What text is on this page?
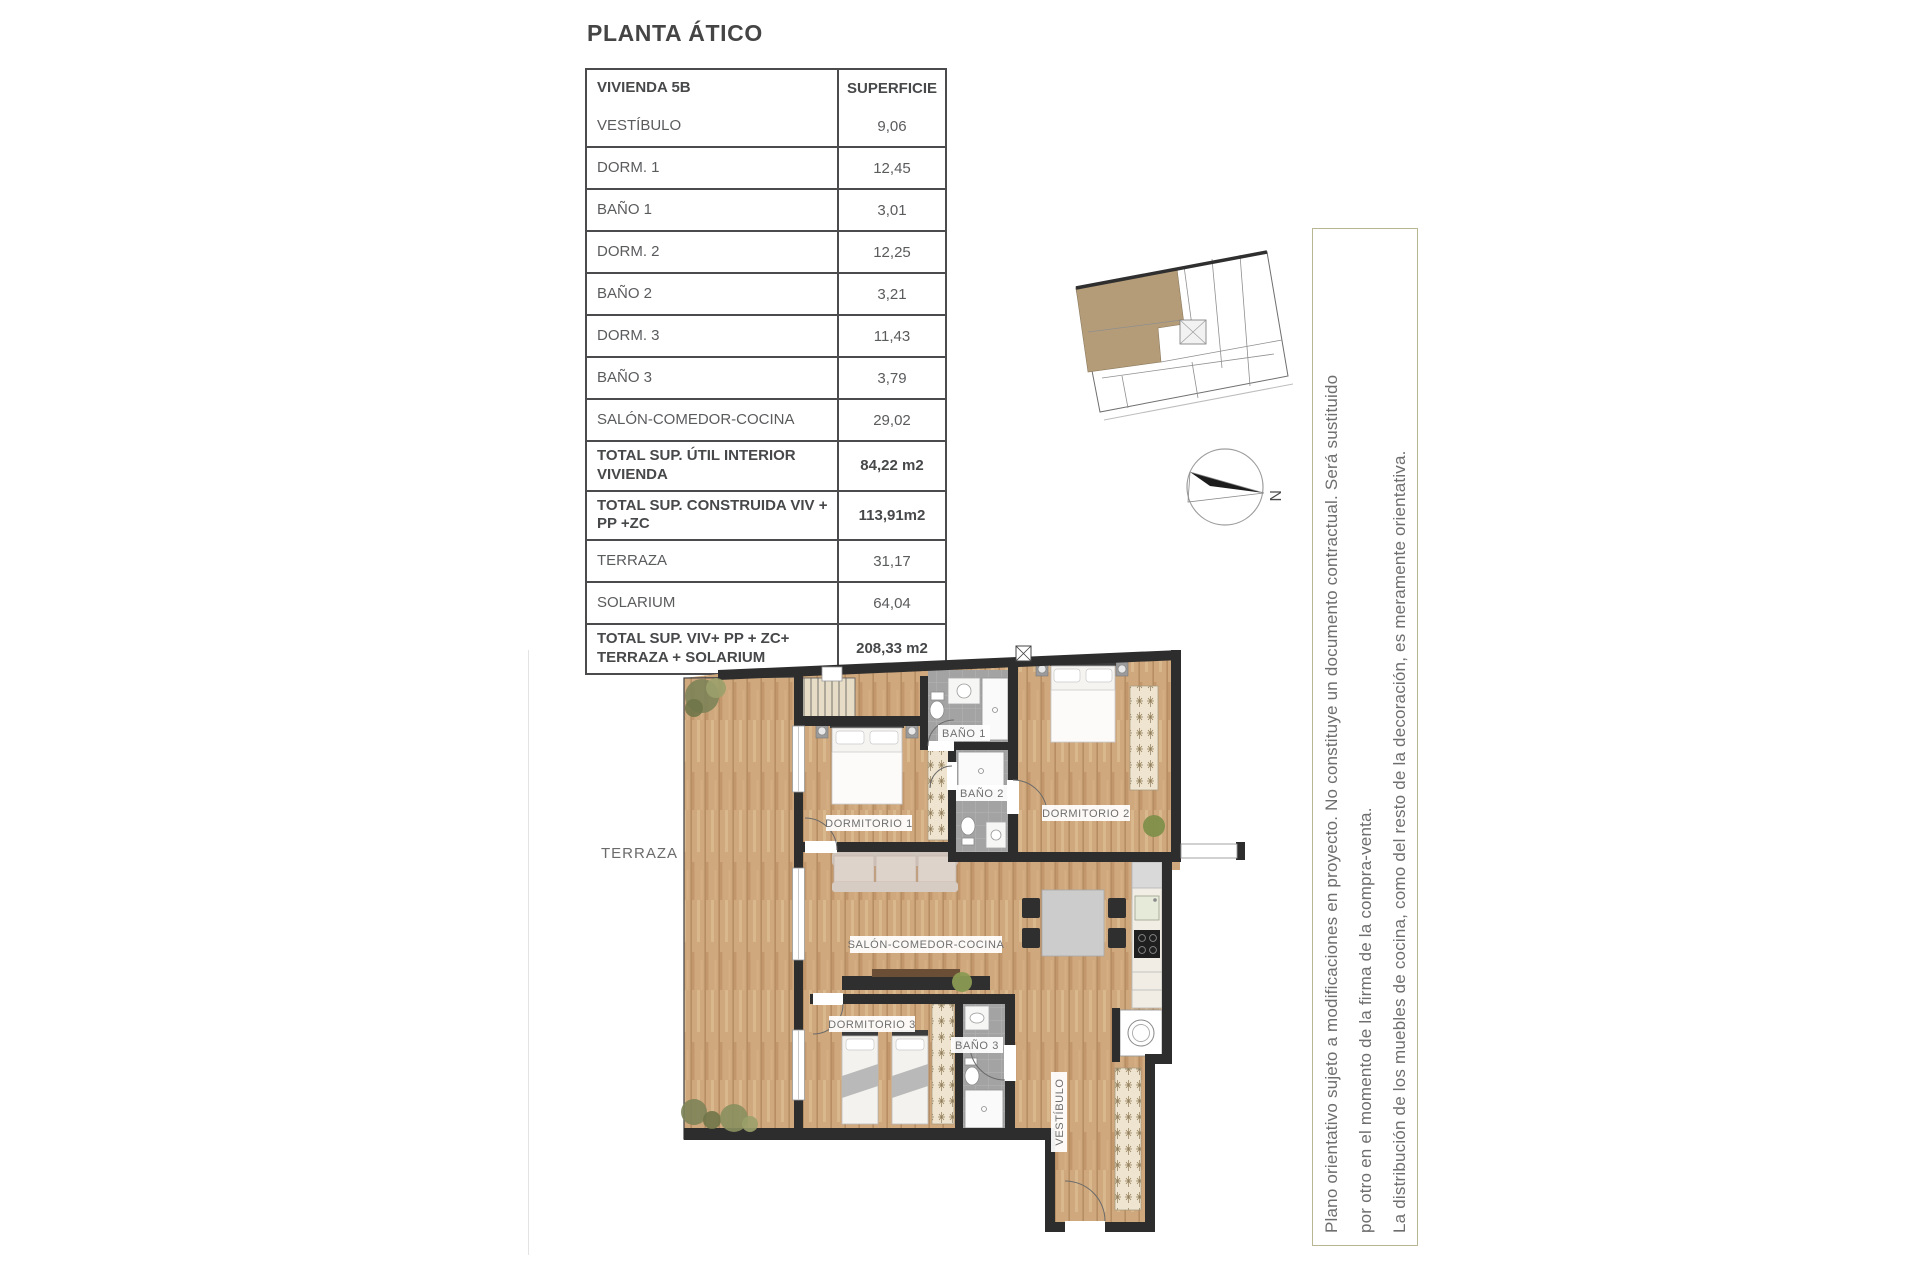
PLANTA ÁTICO
VIVIENDA 5B	SUPERFICIE
VESTÍBULO	9,06
DORM. 1	12,45
BAÑO 1	3,01
DORM. 2	12,25
BAÑO 2	3,21
DORM. 3	11,43
BAÑO 3	3,79
SALÓN-COMEDOR-COCINA	29,02
TOTAL SUP. ÚTIL INTERIOR VIVIENDA	84,22 m2
TOTAL SUP. CONSTRUIDA VIV + PP +ZC	113,91m2
TERRAZA	31,17
SOLARIUM	64,04
TOTAL SUP. VIV+ PP + ZC+ TERRAZA + SOLARIUM	208,33 m2
N	Plano orientativo sujeto a modificaciones en proyecto. No constituye un documento contractual. Será sustituido por otro en el momento de la firma de la compra-venta. La distribución de los muebles de cocina, como del resto de la decoración, es meramente orientativa.
TERRAZA
DORMITORIO 1
BAÑO 1
BAÑO 2
DORMITORIO 2
SALÓN-COMEDOR-COCINA
DORMITORIO 3
BAÑO 3
VESTÍBULO
